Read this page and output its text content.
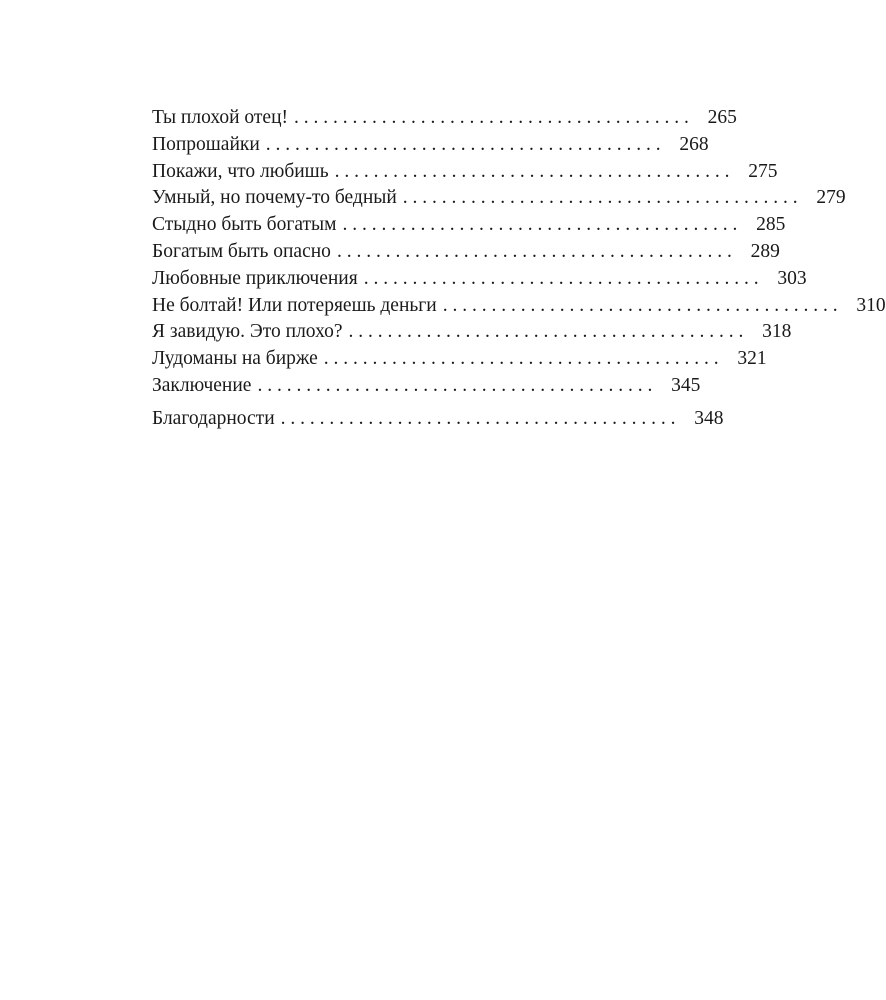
Ты плохой отец! . . . . . . . . . . . . . . . . . . . . . . . . . . . . . . . . . . . . . . . . . 265
Попрошайки . . . . . . . . . . . . . . . . . . . . . . . . . . . . . . . . . . . . . . . . . 268
Покажи, что любишь . . . . . . . . . . . . . . . . . . . . . . . . . . . . . . . . . . . . . . . . . 275
Умный, но почему-то бедный . . . . . . . . . . . . . . . . . . . . . . . . . . . . . . . . . . . . . . . . . 279
Стыдно быть богатым . . . . . . . . . . . . . . . . . . . . . . . . . . . . . . . . . . . . . . . . . 285
Богатым быть опасно . . . . . . . . . . . . . . . . . . . . . . . . . . . . . . . . . . . . . . . . . 289
Любовные приключения . . . . . . . . . . . . . . . . . . . . . . . . . . . . . . . . . . . . . . . . . 303
Не болтай! Или потеряешь деньги . . . . . . . . . . . . . . . . . . . . . . . . . . . . . . . . . . . . . . . . . 310
Я завидую. Это плохо? . . . . . . . . . . . . . . . . . . . . . . . . . . . . . . . . . . . . . . . . . 318
Лудоманы на бирже . . . . . . . . . . . . . . . . . . . . . . . . . . . . . . . . . . . . . . . . . 321
Заключение . . . . . . . . . . . . . . . . . . . . . . . . . . . . . . . . . . . . . . . . . 345
Благодарности . . . . . . . . . . . . . . . . . . . . . . . . . . . . . . . . . . . . . . . . . 348
